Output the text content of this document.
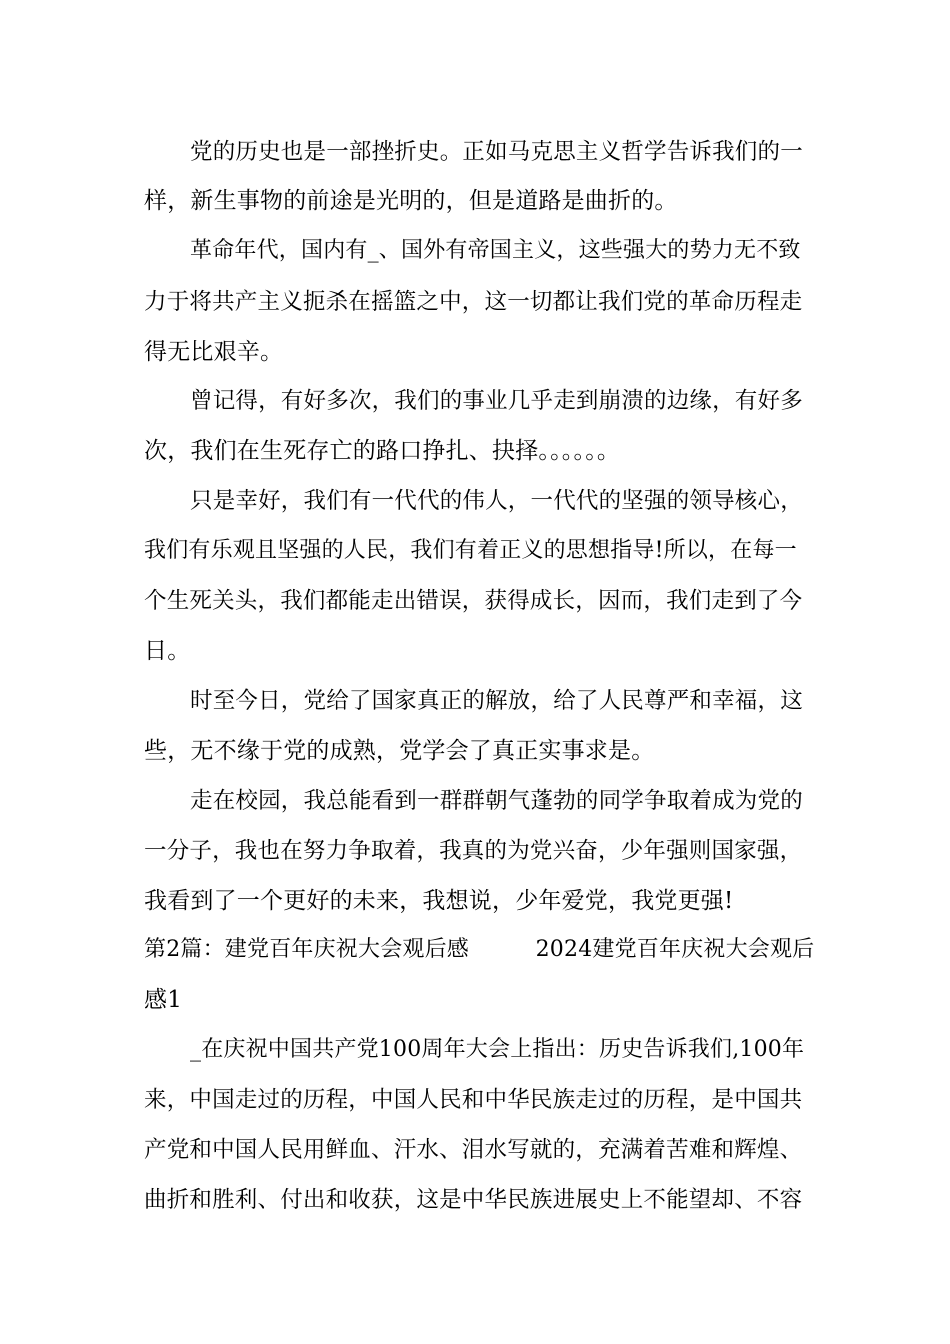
党的历史也是一部挫折史。正如马克思主义哲学告诉我们的一
样，新生事物的前途是光明的，但是道路是曲折的。
革命年代，国内有_、国外有帝国主义，这些强大的势力无不致
力于将共产主义扼杀在摇篮之中，这一切都让我们党的革命历程走
得无比艰辛。
曾记得，有好多次，我们的事业几乎走到崩溃的边缘，有好多
次，我们在生死存亡的路口挣扎、抉择。。。。。。
只是幸好，我们有一代代的伟人，一代代的坚强的领导核心，
我们有乐观且坚强的人民，我们有着正义的思想指导!所以，在每一
个生死关头，我们都能走出错误，获得成长，因而，我们走到了今
日。
时至今日，党给了国家真正的解放，给了人民尊严和幸福，这
些，无不缘于党的成熟，党学会了真正实事求是。
走在校园，我总能看到一群群朝气蓬勃的同学争取着成为党的
一分子，我也在努力争取着，我真的为党兴奋，少年强则国家强，
我看到了一个更好的未来，我想说，少年爱党，我党更强!
第2篇：建党百年庆祝大会观后感　　　2024建党百年庆祝大会观后
感1
_在庆祝中国共产党100周年大会上指出：历史告诉我们,100年
来，中国走过的历程，中国人民和中华民族走过的历程，是中国共
产党和中国人民用鲜血、汗水、泪水写就的，充满着苦难和辉煌、
曲折和胜利、付出和收获，这是中华民族进展史上不能望却、不容
